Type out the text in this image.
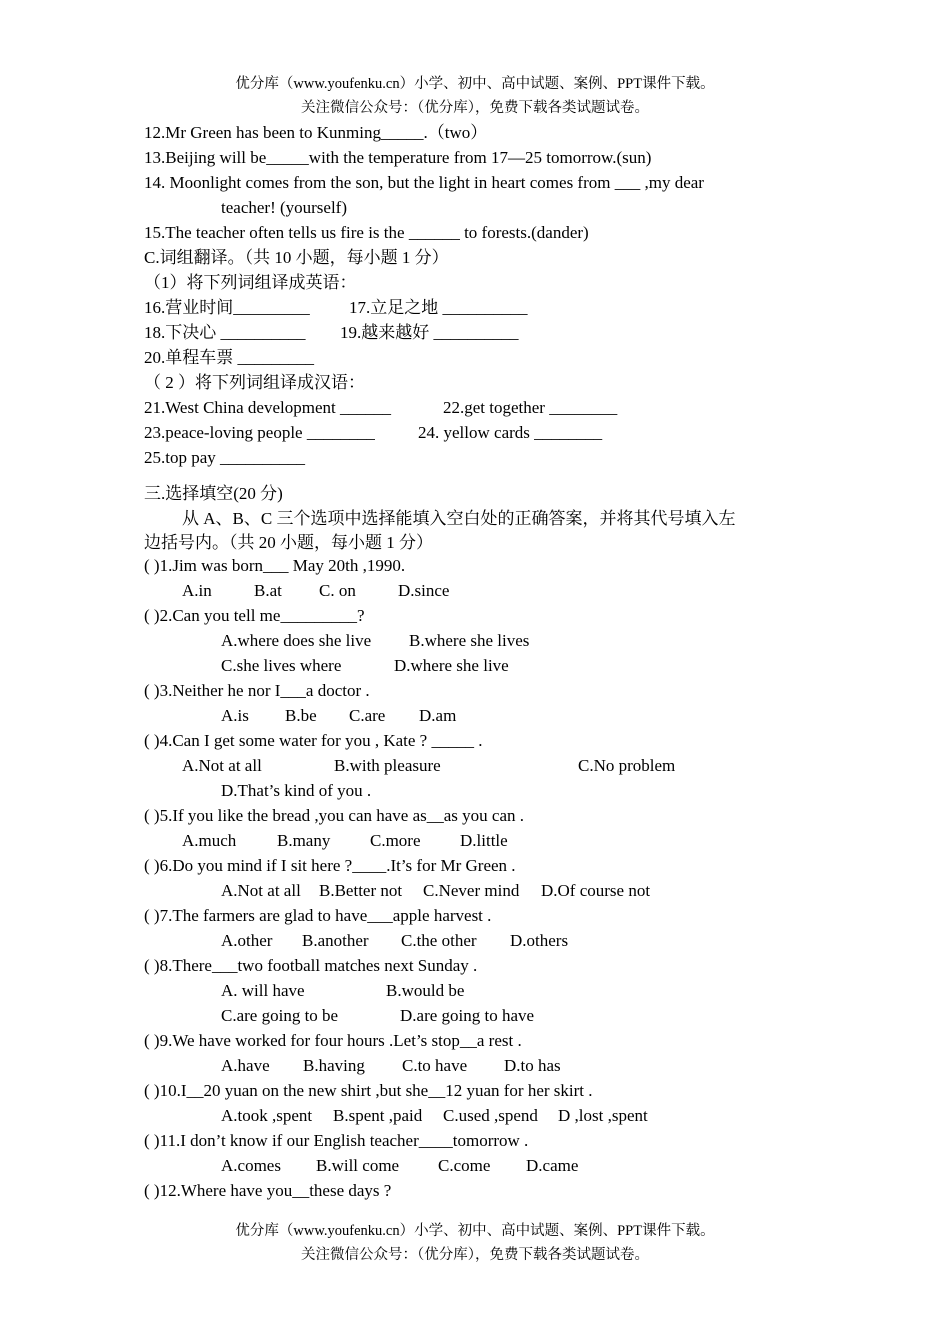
优分库（www.youfenku.cn）小学、初中、高中试题、案例、PPT课件下载。
关注微信公众号：（优分库），免费下载各类试题试卷。
12.Mr Green has been to Kunming_____.（two）
13.Beijing will be_____with the temperature from 17—25 tomorrow.(sun)
14. Moonlight comes from the son, but the light in heart comes from ___ ,my dear
teacher! (yourself)
15.The teacher often tells us fire is the ______ to forests.(dander)
C.词组翻译。（共 10 小题，每小题 1 分）
（1）将下列词组译成英语：
16.营业时间_________ 17.立足之地 __________
18.下决心 __________ 19.越来越好 __________
20.单程车票 _________
（ 2 ）将下列词组译成汉语：
21.West China development ______	22.get together ________
23.peace-loving people ________	24. yellow cards ________
25.top pay __________
三.选择填空(20 分)
从 A、B、C 三个选项中选择能填入空白处的正确答案，并将其代号填入左
边括号内。（共 20 小题，每小题 1 分）
( )1.Jim was born___ May 20th ,1990.
A.in B.at C. on D.since
( )2.Can you tell me_________?
A.where does she live B.where she lives
C.she lives where	D.where she live
( )3.Neither he nor I___a doctor .
A.is B.be C.are D.am
( )4.Can I get some water for you , Kate ? _____ .
A.Not at all	B.with pleasure	C.No problem
D.That’s kind of you .
( )5.If you like the bread ,you can have as__as you can .
A.much B.many C.more D.little
( )6.Do you mind if I sit here ?____.It’s for Mr Green .
A.Not at all B.Better not C.Never mind D.Of course not
( )7.The farmers are glad to have___apple harvest .
A.other B.another C.the other D.others
( )8.There___two football matches next Sunday .
A. will have	B.would be
C.are going to be	D.are going to have
( )9.We have worked for four hours .Let’s stop__a rest .
A.have B.having C.to have D.to has
( )10.I__20 yuan on the new shirt ,but she__12 yuan for her skirt .
A.took ,spent B.spent ,paid C.used ,spend D ,lost ,spent
( )11.I don’t know if our English teacher____tomorrow .
A.comes B.will come C.come D.came
( )12.Where have you__these days ?
优分库（www.youfenku.cn）小学、初中、高中试题、案例、PPT课件下载。
关注微信公众号：（优分库），免费下载各类试题试卷。
